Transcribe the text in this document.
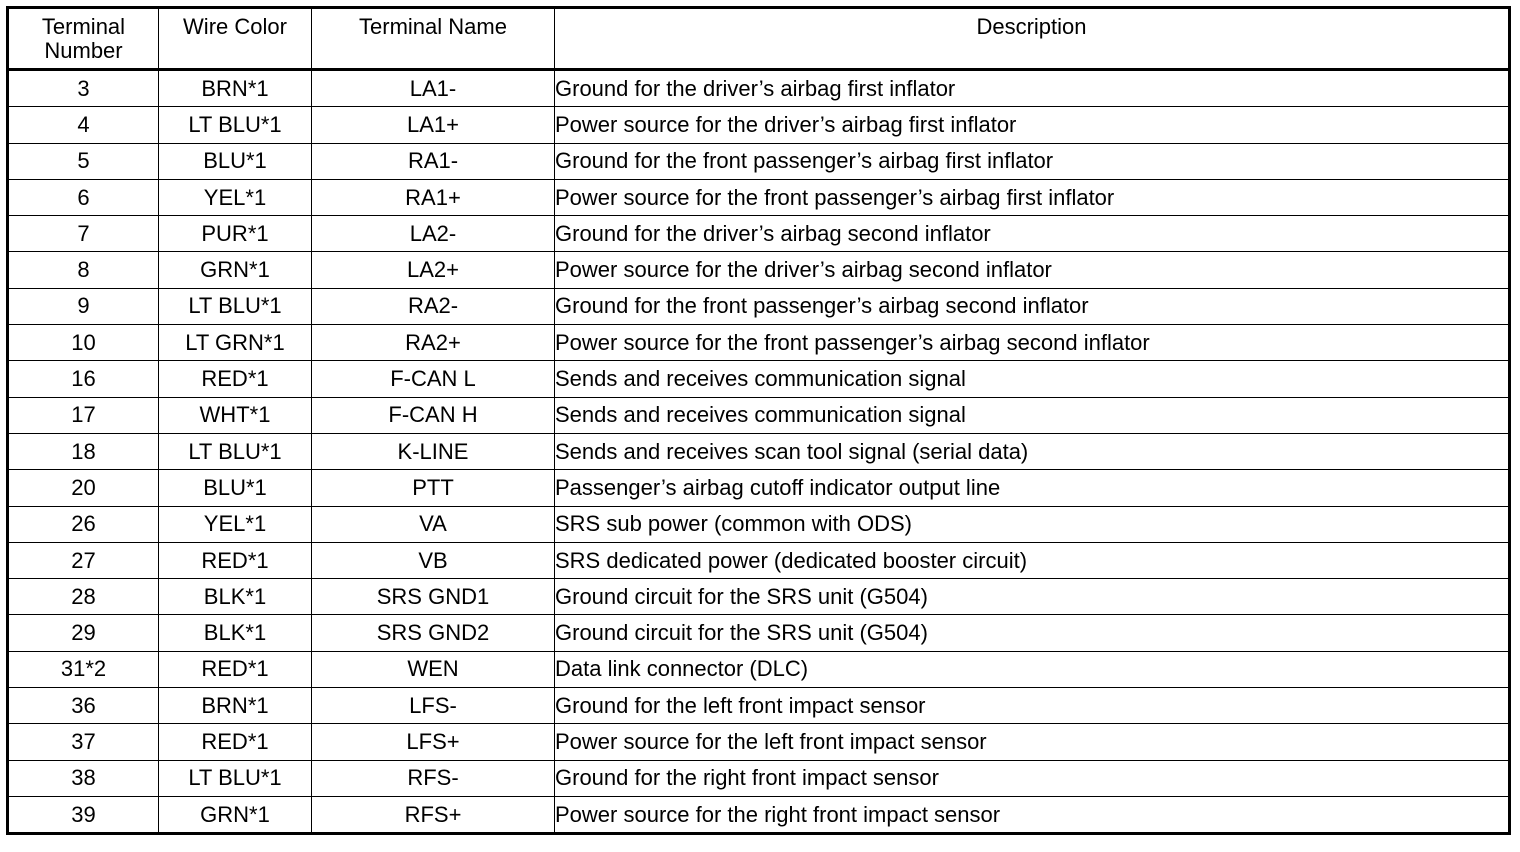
Terminal Number	Wire Color	Terminal Name	Description
3	BRN*1	LA1-	Ground for the driver’s airbag first inflator
4	LT BLU*1	LA1+	Power source for the driver’s airbag first inflator
5	BLU*1	RA1-	Ground for the front passenger’s airbag first inflator
6	YEL*1	RA1+	Power source for the front passenger’s airbag first inflator
7	PUR*1	LA2-	Ground for the driver’s airbag second inflator
8	GRN*1	LA2+	Power source for the driver’s airbag second inflator
9	LT BLU*1	RA2-	Ground for the front passenger’s airbag second inflator
10	LT GRN*1	RA2+	Power source for the front passenger’s airbag second inflator
16	RED*1	F-CAN L	Sends and receives communication signal
17	WHT*1	F-CAN H	Sends and receives communication signal
18	LT BLU*1	K-LINE	Sends and receives scan tool signal (serial data)
20	BLU*1	PTT	Passenger’s airbag cutoff indicator output line
26	YEL*1	VA	SRS sub power (common with ODS)
27	RED*1	VB	SRS dedicated power (dedicated booster circuit)
28	BLK*1	SRS GND1	Ground circuit for the SRS unit (G504)
29	BLK*1	SRS GND2	Ground circuit for the SRS unit (G504)
31*2	RED*1	WEN	Data link connector (DLC)
36	BRN*1	LFS-	Ground for the left front impact sensor
37	RED*1	LFS+	Power source for the left front impact sensor
38	LT BLU*1	RFS-	Ground for the right front impact sensor
39	GRN*1	RFS+	Power source for the right front impact sensor
